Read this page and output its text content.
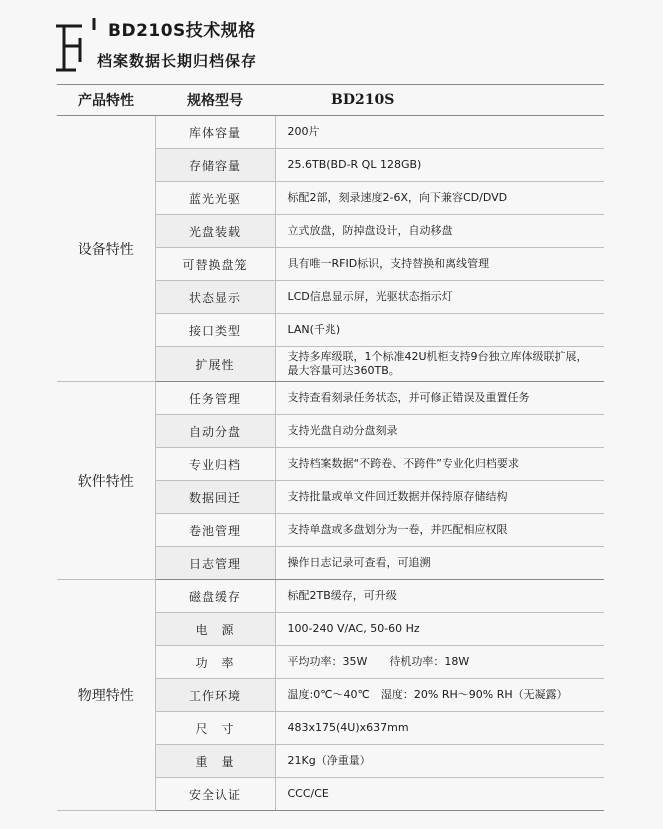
BD210S技术规格
档案数据长期归档保存
产品特性	规格型号	BD210S
设备特性	库体容量	200片
	存储容量	25.6TB(BD-R QL 128GB)
	蓝光光驱	标配2部，刻录速度2-6X，向下兼容CD/DVD
	光盘装载	立式放盘，防掉盘设计，自动移盘
	可替换盘笼	具有唯一RFID标识，支持替换和离线管理
	状态显示	LCD信息显示屏，光驱状态指示灯
	接口类型	LAN(千兆)
	扩展性	支持多库级联，1个标准42U机柜支持9台独立库体级联扩展，最大容量可达360TB。
软件特性	任务管理	支持查看刻录任务状态，并可修正错误及重置任务
	自动分盘	支持光盘自动分盘刻录
	专业归档	支持档案数据“不跨卷、不跨件”专业化归档要求
	数据回迁	支持批量或单文件回迁数据并保持原存储结构
	卷池管理	支持单盘或多盘划分为一卷，并匹配相应权限
	日志管理	操作日志记录可查看，可追溯
物理特性	磁盘缓存	标配2TB缓存，可升级
	电　源	100-240 V/AC, 50-60 Hz
	功　率	平均功率：35W　　待机功率：18W
	工作环境	温度:0℃～40℃　湿度：20% RH～90% RH（无凝露）
	尺　寸	483x175(4U)x637mm
	重　量	21Kg（净重量）
	安全认证	CCC/CE
